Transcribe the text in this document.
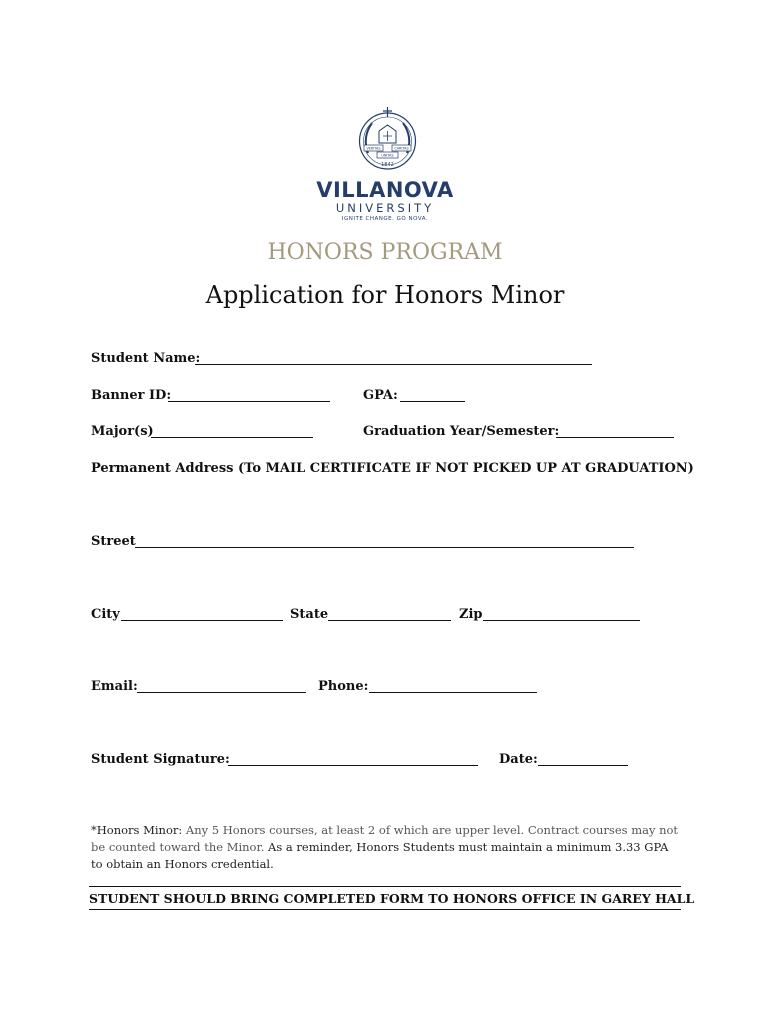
VERITAS	CARITAS
UNITAS
1842
VILLANOVA
UNIVERSITY
IGNITE CHANGE. GO NOVA.
HONORS PROGRAM
Application for Honors Minor
Student Name:
Banner ID:	GPA:
Major(s)	Graduation Year/Semester:
Permanent Address (To MAIL CERTIFICATE IF NOT PICKED UP AT GRADUATION)
Street
City	State	Zip
Email:	Phone:
Student Signature:	Date:
*Honors Minor: Any 5 Honors courses, at least 2 of which are upper level. Contract courses may not be counted toward the Minor. As a reminder, Honors Students must maintain a minimum 3.33 GPA to obtain an Honors credential.
STUDENT SHOULD BRING COMPLETED FORM TO HONORS OFFICE IN GAREY HALL
